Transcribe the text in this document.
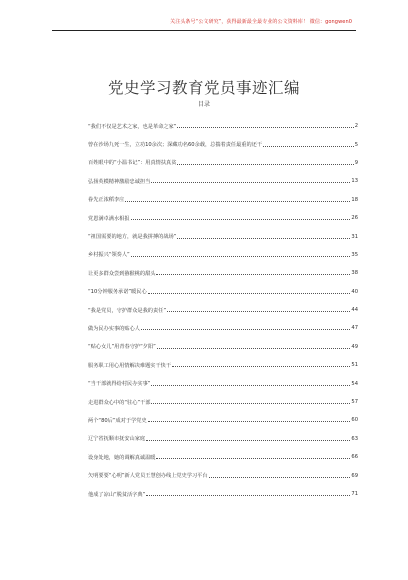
关注头条号“公文研究”，获得最新最全最专业的公文资料库！ 微信：gongwen0
党史学习教育党员事迹汇编
目录
“我们不仅是艺术之家，也是革命之家”	2
曾在沙场九死一生，立功10余次；深藏功名60余载，总揣着责任最重的还干	5
百姓眼中的“小温书记”：用真情扶真贫	9
弘扬英模精神激励忠诚担当	13
眷先正浓稻李庄	18
党恩满卓满水相报	26
“祖国需要的地方，就是我拼搏的战场”	31
乡村振兴“领奏人”	35
让更多群众尝到猕猴桃的甜头	38
“10分钟服务承诺”暖民心	40
“我是党员，守护群众是我的责任”	44
做为民办实事的贴心人	47
“贴心女儿”用青春守护“夕阳”	49
服务职工用心用情解决难题实干快干	51
“当干部就得给村民办实事”	54
走进群众心中的“驻心”干部	57
两个“80后”成对于学党史	60
辽宁省抚顺市抚安山家庭	63
设身处地，她的调解真诚温暖	66
矢明要要“心明”新人党员王慧创办线上党史学习平台	69
他成了凉山“脱贫活字典”	71
